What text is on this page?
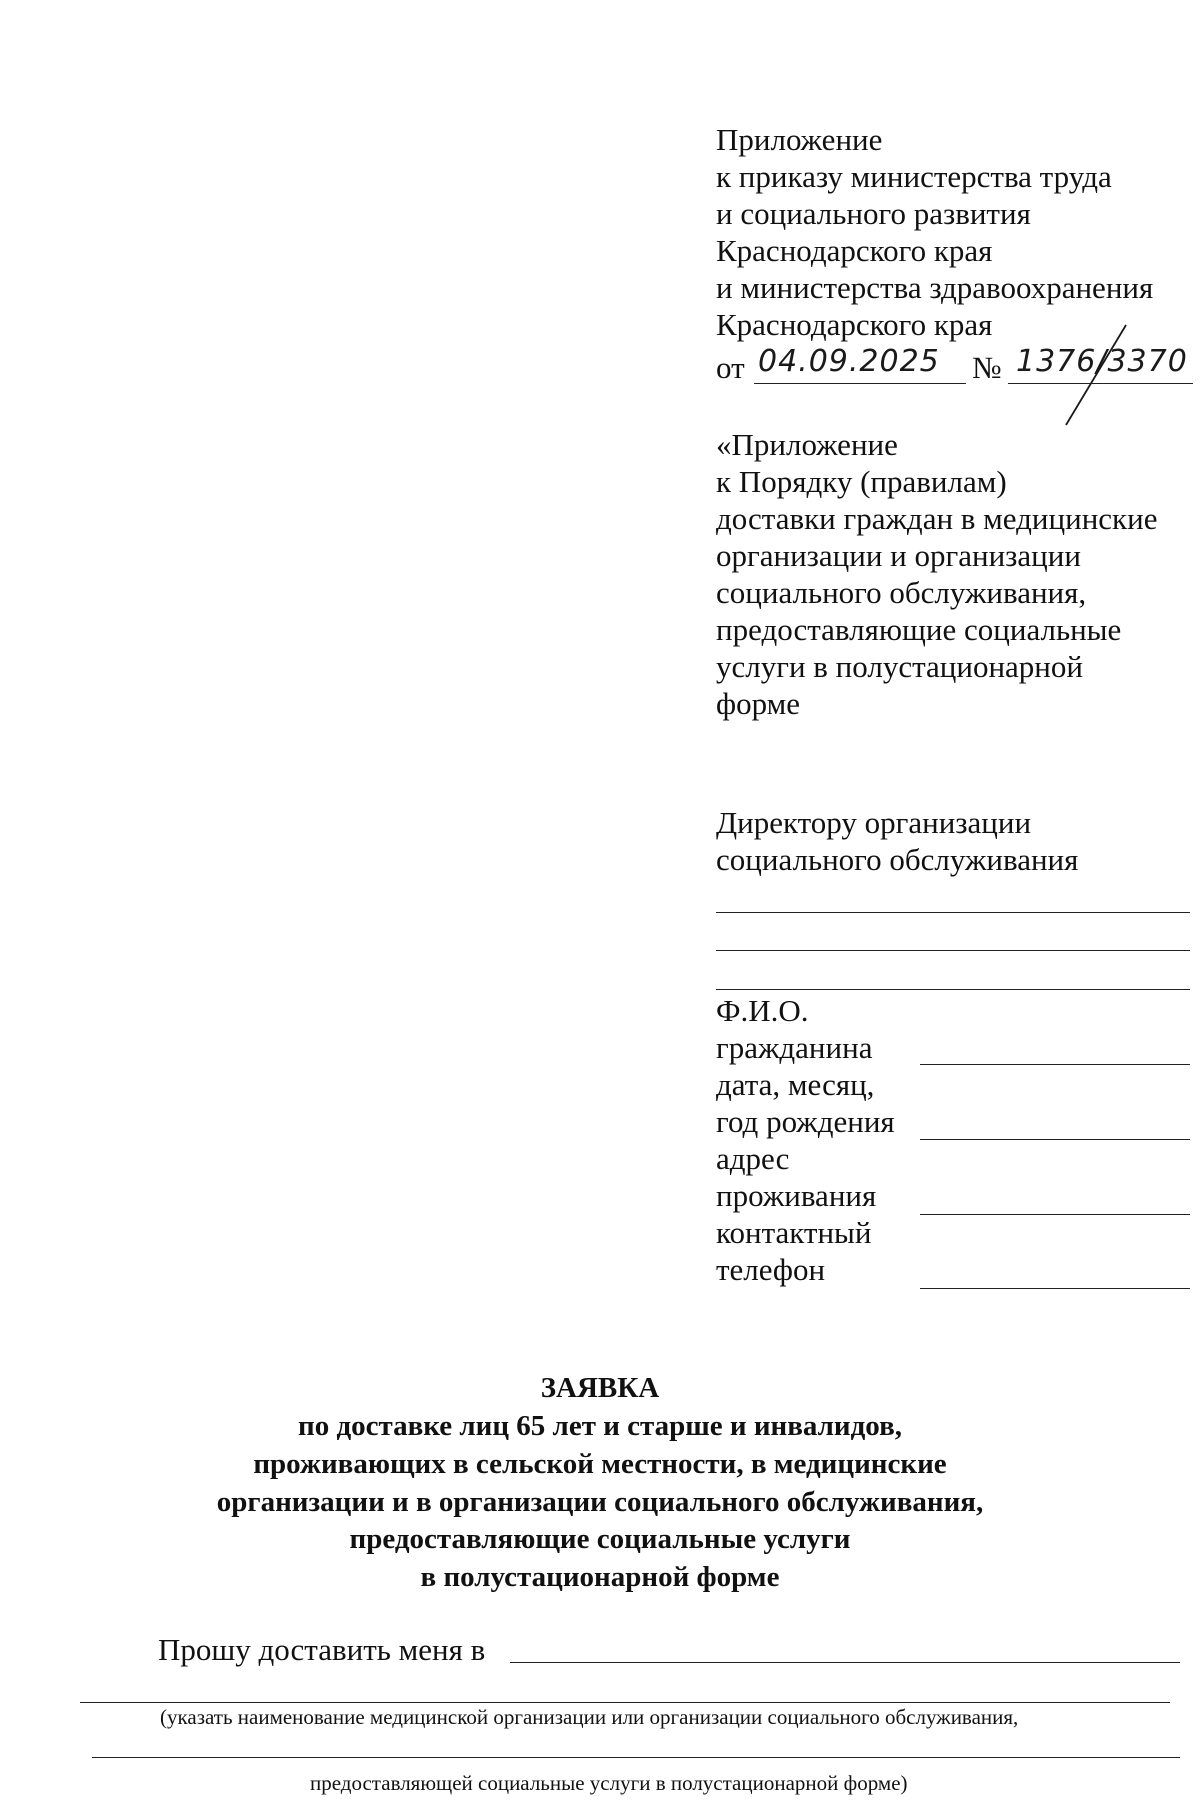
Приложение
к приказу министерства труда
и социального развития
Краснодарского края
и министерства здравоохранения
Краснодарского края
от 04.09.2025 № 1376/3370
«Приложение
к Порядку (правилам)
доставки граждан в медицинские
организации и организации
социального обслуживания,
предоставляющие социальные
услуги в полустационарной
форме
Директору организации
социального обслуживания
Ф.И.О.
гражданина
дата, месяц,
год рождения
адрес
проживания
контактный
телефон
ЗАЯВКА
по доставке лиц 65 лет и старше и инвалидов,
проживающих в сельской местности, в медицинские
организации и в организации социального обслуживания,
предоставляющие социальные услуги
в полустационарной форме
Прошу доставить меня в
(указать наименование медицинской организации или организации социального обслуживания,
предоставляющей социальные услуги в полустационарной форме)
